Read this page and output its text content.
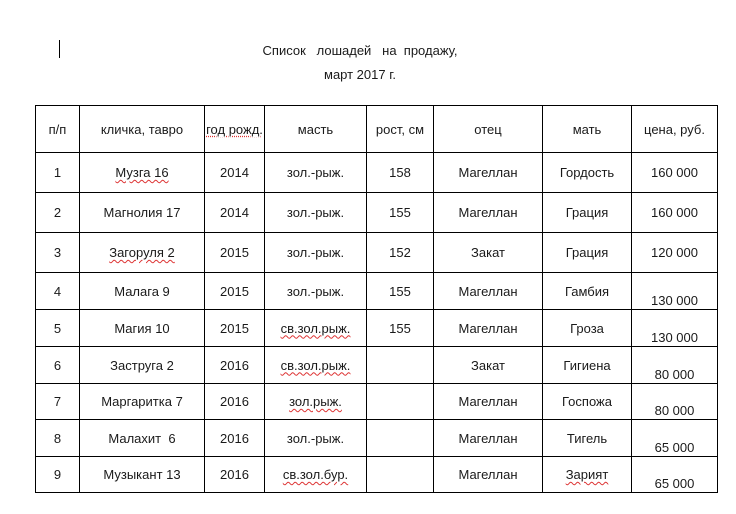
Список   лошадей   на  продажу,
март 2017 г.
п/п	кличка, тавро	год рожд.	масть	рост, см	отец	мать	цена, руб.
1	Музга 16	2014	зол.-рыж.	158	Магеллан	Гордость	160 000
2	Магнолия 17	2014	зол.-рыж.	155	Магеллан	Грация	160 000
3	Загоруля 2	2015	зол.-рыж.	152	Закат	Грация	120 000
4	Малага 9	2015	зол.-рыж.	155	Магеллан	Гамбия	130 000
5	Магия 10	2015	св.зол.рыж.	155	Магеллан	Гроза	130 000
6	Заструга 2	2016	св.зол.рыж.		Закат	Гигиена	80 000
7	Маргаритка 7	2016	зол.рыж.		Магеллан	Госпожа	80 000
8	Малахит  6	2016	зол.-рыж.		Магеллан	Тигель	65 000
9	Музыкант 13	2016	св.зол.бур.		Магеллан	Зарият	65 000
